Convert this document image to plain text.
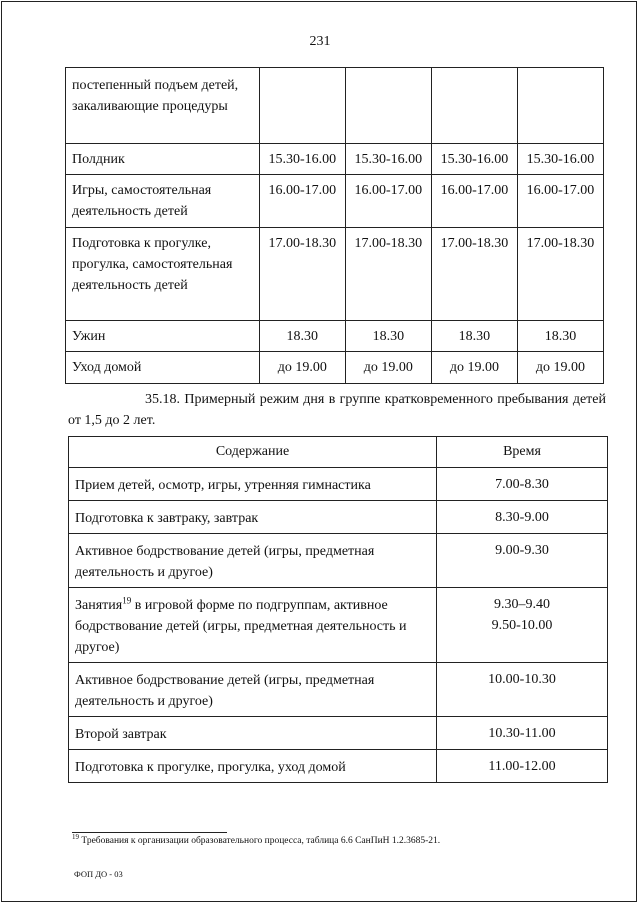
231
постепенный подъем детей, закаливающие процедуры				
Полдник	15.30-16.00	15.30-16.00	15.30-16.00	15.30-16.00
Игры, самостоятельная деятельность детей	16.00-17.00	16.00-17.00	16.00-17.00	16.00-17.00
Подготовка к прогулке, прогулка, самостоятельная деятельность детей	17.00-18.30	17.00-18.30	17.00-18.30	17.00-18.30
Ужин	18.30	18.30	18.30	18.30
Уход домой	до 19.00	до 19.00	до 19.00	до 19.00
35.18. Примерный режим дня в группе кратковременного пребывания детей
от 1,5 до 2 лет.
Содержание	Время
Прием детей, осмотр, игры, утренняя гимнастика	7.00-8.30
Подготовка к завтраку, завтрак	8.30-9.00
Активное бодрствование детей (игры, предметная деятельность и другое)	9.00-9.30
Занятия$^{19}$ в игровой форме по подгруппам, активное бодрствование детей (игры, предметная деятельность и другое)	9.30–9.40
9.50-10.00

Активное бодрствование детей (игры, предметная деятельность и другое)	10.00-10.30
Второй завтрак	10.30-11.00
Подготовка к прогулке, прогулка, уход домой	11.00-12.00
$^{19}$ Требования к организации образовательного процесса, таблица 6.6 СанПиН 1.2.3685-21.
ФОП ДО - 03
